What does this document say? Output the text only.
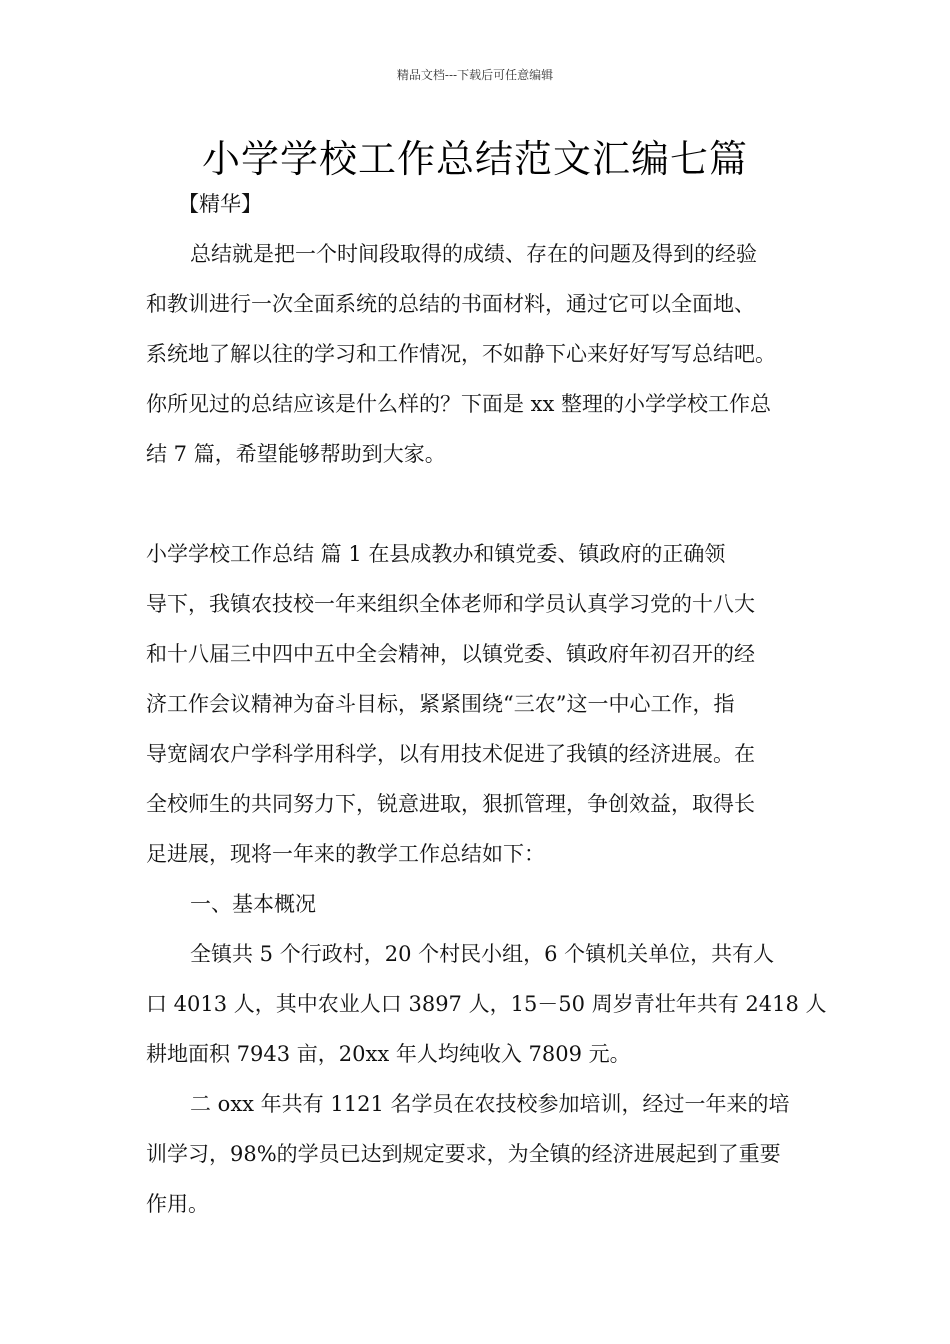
精品文档---下载后可任意编辑
小学学校工作总结范文汇编七篇
【精华】
总结就是把一个时间段取得的成绩、存在的问题及得到的经验
和教训进行一次全面系统的总结的书面材料，通过它可以全面地、
系统地了解以往的学习和工作情况，不如静下心来好好写写总结吧。
你所见过的总结应该是什么样的？下面是 xx 整理的小学学校工作总
结 7 篇，希望能够帮助到大家。
小学学校工作总结 篇 1 在县成教办和镇党委、镇政府的正确领
导下，我镇农技校一年来组织全体老师和学员认真学习党的十八大
和十八届三中四中五中全会精神，以镇党委、镇政府年初召开的经
济工作会议精神为奋斗目标，紧紧围绕“三农”这一中心工作，指
导宽阔农户学科学用科学，以有用技术促进了我镇的经济进展。在
全校师生的共同努力下，锐意进取，狠抓管理，争创效益，取得长
足进展，现将一年来的教学工作总结如下：
一、基本概况
全镇共 5 个行政村，20 个村民小组，6 个镇机关单位，共有人
口 4013 人，其中农业人口 3897 人，15－50 周岁青壮年共有 2418 人
耕地面积 7943 亩，20xx 年人均纯收入 7809 元。
二 oxx 年共有 1121 名学员在农技校参加培训，经过一年来的培
训学习，98%的学员已达到规定要求，为全镇的经济进展起到了重要
作用。
